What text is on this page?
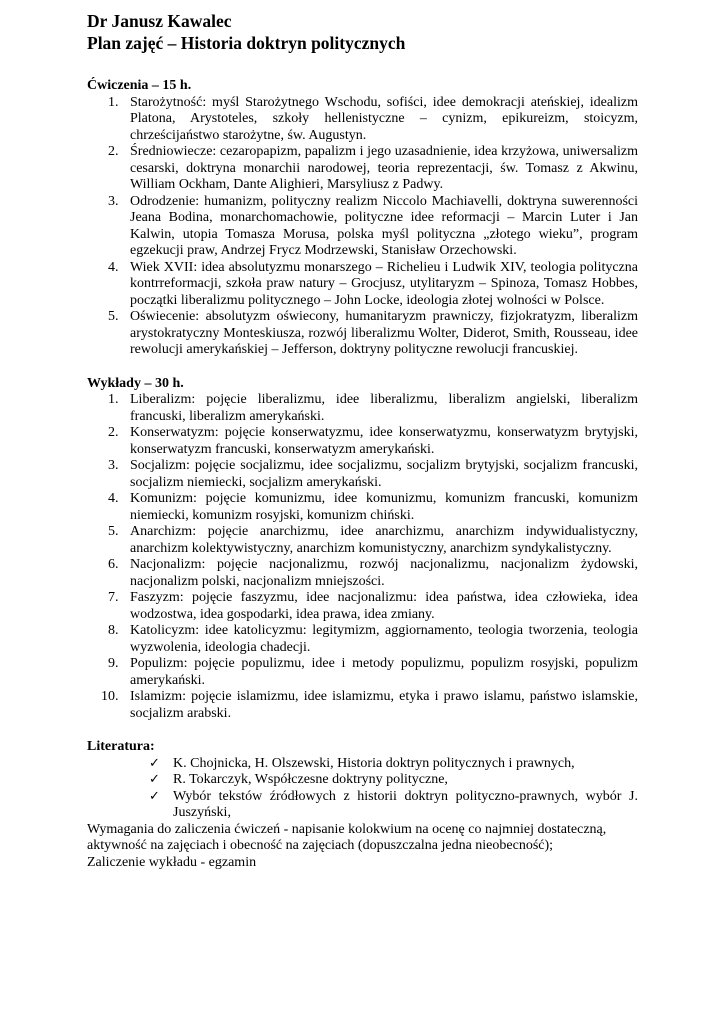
Dr Janusz Kawalec
Plan zajęć – Historia doktryn politycznych
Ćwiczenia – 15 h.
1. Starożytność: myśl Starożytnego Wschodu, sofiści, idee demokracji ateńskiej, idealizm Platona, Arystoteles, szkoły hellenistyczne – cynizm, epikureizm, stoicyzm, chrześcijaństwo starożytne, św. Augustyn.
2. Średniowiecze: cezaropapizm, papalizm i jego uzasadnienie, idea krzyżowa, uniwersalizm cesarski, doktryna monarchii narodowej, teoria reprezentacji, św. Tomasz z Akwinu, William Ockham, Dante Alighieri, Marsyliusz z Padwy.
3. Odrodzenie: humanizm, polityczny realizm Niccolo Machiavelli, doktryna suwerenności Jeana Bodina, monarchomachowie, polityczne idee reformacji – Marcin Luter i Jan Kalwin, utopia Tomasza Morusa, polska myśl polityczna „złotego wieku”, program egzekucji praw, Andrzej Frycz Modrzewski, Stanisław Orzechowski.
4. Wiek XVII: idea absolutyzmu monarszego – Richelieu i Ludwik XIV, teologia polityczna kontrreformacji, szkoła praw natury – Grocjusz, utylitaryzm – Spinoza, Tomasz Hobbes, początki liberalizmu politycznego – John Locke, ideologia złotej wolności w Polsce.
5. Oświecenie: absolutyzm oświecony, humanitaryzm prawniczy, fizjokratyzm, liberalizm arystokratyczny Monteskiusza, rozwój liberalizmu Wolter, Diderot, Smith, Rousseau, idee rewolucji amerykańskiej – Jefferson, doktryny polityczne rewolucji francuskiej.
Wykłady – 30 h.
1. Liberalizm: pojęcie liberalizmu, idee liberalizmu, liberalizm angielski, liberalizm francuski, liberalizm amerykański.
2. Konserwatyzm: pojęcie konserwatyzmu, idee konserwatyzmu, konserwatyzm brytyjski, konserwatyzm francuski, konserwatyzm amerykański.
3. Socjalizm: pojęcie socjalizmu, idee socjalizmu, socjalizm brytyjski, socjalizm francuski, socjalizm niemiecki, socjalizm amerykański.
4. Komunizm: pojęcie komunizmu, idee komunizmu, komunizm francuski, komunizm niemiecki, komunizm rosyjski, komunizm chiński.
5. Anarchizm: pojęcie anarchizmu, idee anarchizmu, anarchizm indywidualistyczny, anarchizm kolektywistyczny, anarchizm komunistyczny, anarchizm syndykalistyczny.
6. Nacjonalizm: pojęcie nacjonalizmu, rozwój nacjonalizmu, nacjonalizm żydowski, nacjonalizm polski, nacjonalizm mniejszości.
7. Faszyzm: pojęcie faszyzmu, idee nacjonalizmu: idea państwa, idea człowieka, idea wodzostwa, idea gospodarki, idea prawa, idea zmiany.
8. Katolicyzm: idee katolicyzmu: legitymizm, aggiornamento, teologia tworzenia, teologia wyzwolenia, ideologia chadecji.
9. Populizm: pojęcie populizmu, idee i metody populizmu, populizm rosyjski, populizm amerykański.
10. Islamizm: pojęcie islamizmu, idee islamizmu, etyka i prawo islamu, państwo islamskie, socjalizm arabski.
Literatura:
✓ K. Chojnicka, H. Olszewski, Historia doktryn politycznych i prawnych,
✓ R. Tokarczyk, Współczesne doktryny polityczne,
✓ Wybór tekstów źródłowych z historii doktryn polityczno-prawnych, wybór J. Juszyński,

Wymagania do zaliczenia ćwiczeń - napisanie kolokwium na ocenę co najmniej dostateczną,

aktywność na zajęciach i obecność na zajęciach (dopuszczalna jedna nieobecność);

Zaliczenie wykładu - egzamin
